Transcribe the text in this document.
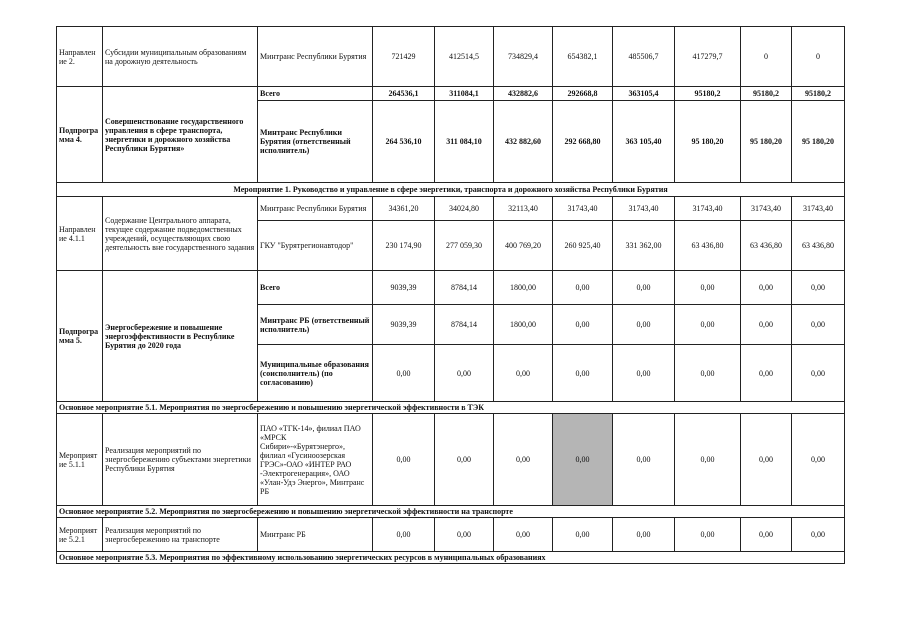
Направлен ие 2.	Субсидии муниципальным образованиям на дорожную деятельность	Минтранс Республики Бурятия	721429	412514,5	734829,4	654382,1	485506,7	417279,7	0	0
Подпрогра мма 4.	Совершенствование государственного управления в сфере транспорта, энергетики и дорожного хозяйства Республики Бурятия»	Всего	264536,1	311084,1	432882,6	292668,8	363105,4	95180,2	95180,2	95180,2
		Минтранс Республики Бурятия (ответственный исполнитель)	264 536,10	311 084,10	432 882,60	292 668,80	363 105,40	95 180,20	95 180,20	95 180,20
Мероприятие 1. Руководство и управление в сфере энергетики, транспорта и дорожного хозяйства Республики Бурятия										
Направлен ие 4.1.1	Содержание Центрального аппарата, текущее содержание подведомственных учреждений, осуществляющих свою деятельность вне государственного задания	Минтранс Республики Бурятия	34361,20	34024,80	32113,40	31743,40	31743,40	31743,40	31743,40	31743,40
		ГКУ "Бурятрегионавтодор"	230 174,90	277 059,30	400 769,20	260 925,40	331 362,00	63 436,80	63 436,80	63 436,80
Подпрогра мма 5.	Энергосбережение и повышение энергоэффективности в Республике Бурятия до 2020 года	Всего	9039,39	8784,14	1800,00	0,00	0,00	0,00	0,00	0,00
		Минтранс РБ (ответственный исполнитель)	9039,39	8784,14	1800,00	0,00	0,00	0,00	0,00	0,00
		Муниципальные образования (соисполнитель) (по согласованию)	0,00	0,00	0,00	0,00	0,00	0,00	0,00	0,00
Основное мероприятие 5.1. Мероприятия по энергосбережению и повышению энергетической эффективности в ТЭК										
Мероприят ие 5.1.1	Реализация мероприятий по энергосбережению субъектами энергетики Республики Бурятия	ПАО «ТГК-14», филиал ПАО «МРСК Сибири»-«Бурятэнерго», филиал «Гусиноозерская ГРЭС»-ОАО «ИНТЕР РАО -Электрогенерация», ОАО «Улан-Удэ Энерго», Минтранс РБ	0,00	0,00	0,00	0,00	0,00	0,00	0,00	0,00
Основное мероприятие 5.2. Мероприятия по энергосбережению и повышению энергетической эффективности на транспорте										
Мероприят ие 5.2.1	Реализация мероприятий по энергосбережению на транспорте	Минтранс РБ	0,00	0,00	0,00	0,00	0,00	0,00	0,00	0,00
Основное мероприятие 5.3. Мероприятия по эффективному использованию энергетических ресурсов в муниципальных образованиях										
